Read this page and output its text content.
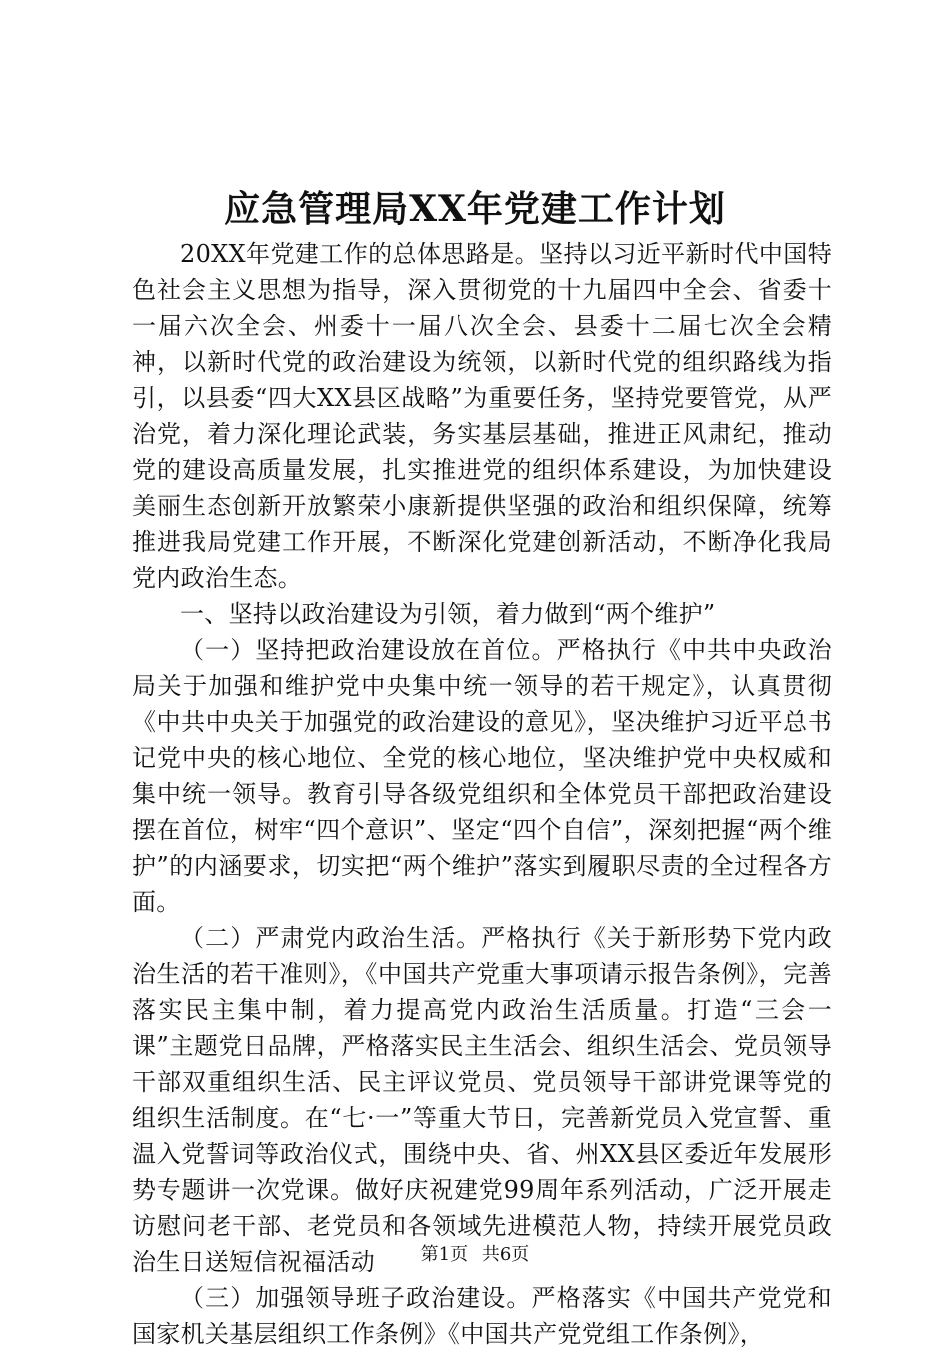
应急管理局XX年党建工作计划

20XX年党建工作的总体思路是。坚持以习近平新时代中国特色社会主义思想为指导，深入贯彻党的十九届四中全会、省委十一届六次全会、州委十一届八次全会、县委十二届七次全会精神，以新时代党的政治建设为统领，以新时代党的组织路线为指引，以县委“四大XX县区战略”为重要任务，坚持党要管党，从严治党，着力深化理论武装，务实基层基础，推进正风肃纪，推动党的建设高质量发展，扎实推进党的组织体系建设，为加快建设美丽生态创新开放繁荣小康新提供坚强的政治和组织保障，统筹推进我局党建工作开展，不断深化党建创新活动，不断净化我局党内政治生态。

一、坚持以政治建设为引领，着力做到“两个维护”

（一）坚持把政治建设放在首位。严格执行《中共中央政治局关于加强和维护党中央集中统一领导的若干规定》，认真贯彻《中共中央关于加强党的政治建设的意见》，坚决维护习近平总书记党中央的核心地位、全党的核心地位，坚决维护党中央权威和集中统一领导。教育引导各级党组织和全体党员干部把政治建设摆在首位，树牢“四个意识”、坚定“四个自信”，深刻把握“两个维护”的内涵要求，切实把“两个维护”落实到履职尽责的全过程各方面。

（二）严肃党内政治生活。严格执行《关于新形势下党内政治生活的若干准则》，《中国共产党重大事项请示报告条例》，完善落实民主集中制，着力提高党内政治生活质量。打造“三会一课”主题党日品牌，严格落实民主生活会、组织生活会、党员领导干部双重组织生活、民主评议党员、党员领导干部讲党课等党的组织生活制度。在“七·一”等重大节日，完善新党员入党宣誓、重温入党誓词等政治仪式，围绕中央、省、州XX县区委近年发展形势专题讲一次党课。做好庆祝建党99周年系列活动，广泛开展走访慰问老干部、老党员和各领域先进模范人物，持续开展党员政治生日送短信祝福活动

（三）加强领导班子政治建设。严格落实《中国共产党党和国家机关基层组织工作条例》《中国共产党党组工作条例》，

第1页 共6页
